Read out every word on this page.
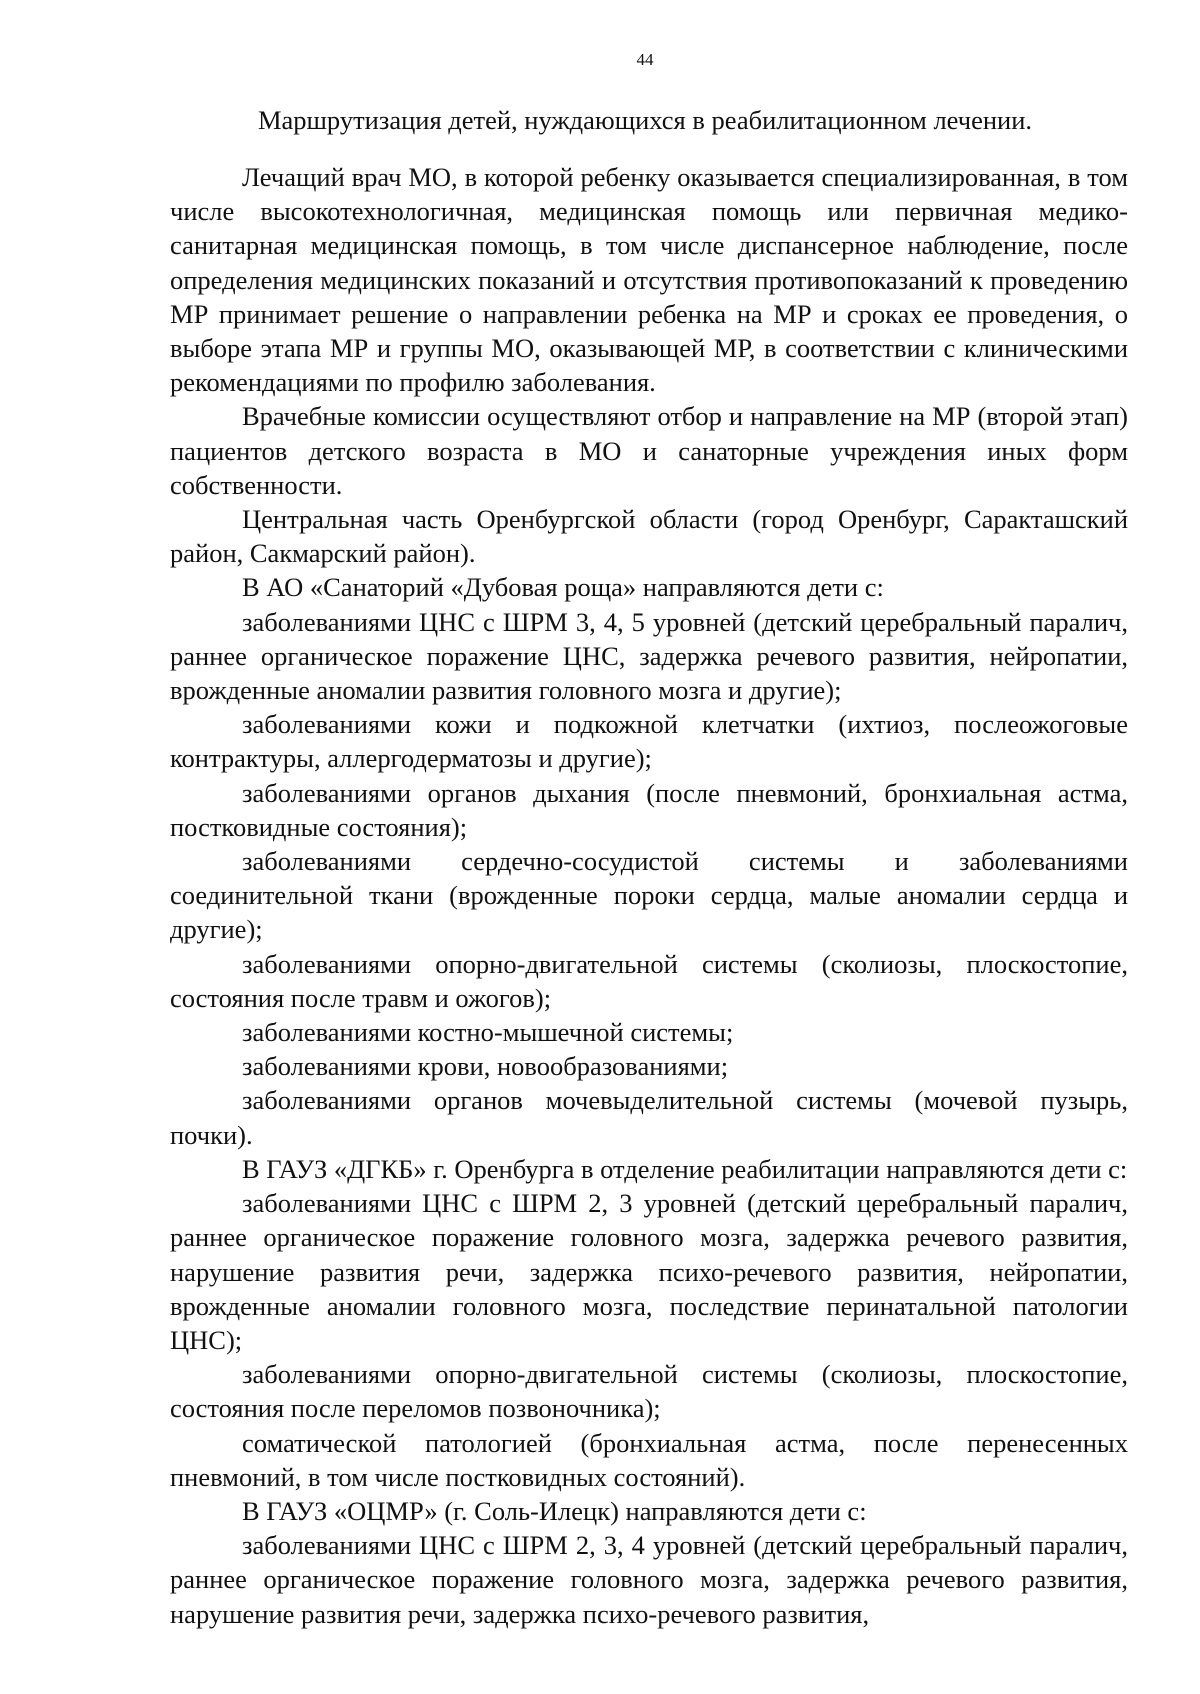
44
Маршрутизация детей, нуждающихся в реабилитационном лечении.

Лечащий врач МО, в которой ребенку оказывается специализированная, в том числе высокотехнологичная, медицинская помощь или первичная медико-санитарная медицинская помощь, в том числе диспансерное наблюдение, после определения медицинских показаний и отсутствия противопоказаний к проведению МР принимает решение о направлении ребенка на МР и сроках ее проведения, о выборе этапа МР и группы МО, оказывающей МР, в соответствии с клиническими рекомендациями по профилю заболевания.

Врачебные комиссии осуществляют отбор и направление на МР (второй этап) пациентов детского возраста в МО и санаторные учреждения иных форм собственности.

Центральная часть Оренбургской области (город Оренбург, Саракташский район, Сакмарский район).

В АО «Санаторий «Дубовая роща» направляются дети с:

заболеваниями ЦНС с ШРМ 3, 4, 5 уровней (детский церебральный паралич, раннее органическое поражение ЦНС, задержка речевого развития, нейропатии, врожденные аномалии развития головного мозга и другие);

заболеваниями кожи и подкожной клетчатки (ихтиоз, послеожоговые контрактуры, аллергодерматозы и другие);

заболеваниями органов дыхания (после пневмоний, бронхиальная астма, постковидные состояния);

заболеваниями сердечно-сосудистой системы и заболеваниями соединительной ткани (врожденные пороки сердца, малые аномалии сердца и другие);

заболеваниями опорно-двигательной системы (сколиозы, плоскостопие, состояния после травм и ожогов);

заболеваниями костно-мышечной системы;

заболеваниями крови, новообразованиями;

заболеваниями органов мочевыделительной системы (мочевой пузырь, почки).

В ГАУЗ «ДГКБ» г. Оренбурга в отделение реабилитации направляются дети с:

заболеваниями ЦНС с ШРМ 2, 3 уровней (детский церебральный паралич, раннее органическое поражение головного мозга, задержка речевого развития, нарушение развития речи, задержка психо-речевого развития, нейропатии, врожденные аномалии головного мозга, последствие перинатальной патологии ЦНС);

заболеваниями опорно-двигательной системы (сколиозы, плоскостопие, состояния после переломов позвоночника);

соматической патологией (бронхиальная астма, после перенесенных пневмоний, в том числе постковидных состояний).

В ГАУЗ «ОЦМР» (г. Соль-Илецк) направляются дети с:

заболеваниями ЦНС с ШРМ 2, 3, 4 уровней (детский церебральный паралич, раннее органическое поражение головного мозга, задержка речевого развития, нарушение развития речи, задержка психо-речевого развития,
